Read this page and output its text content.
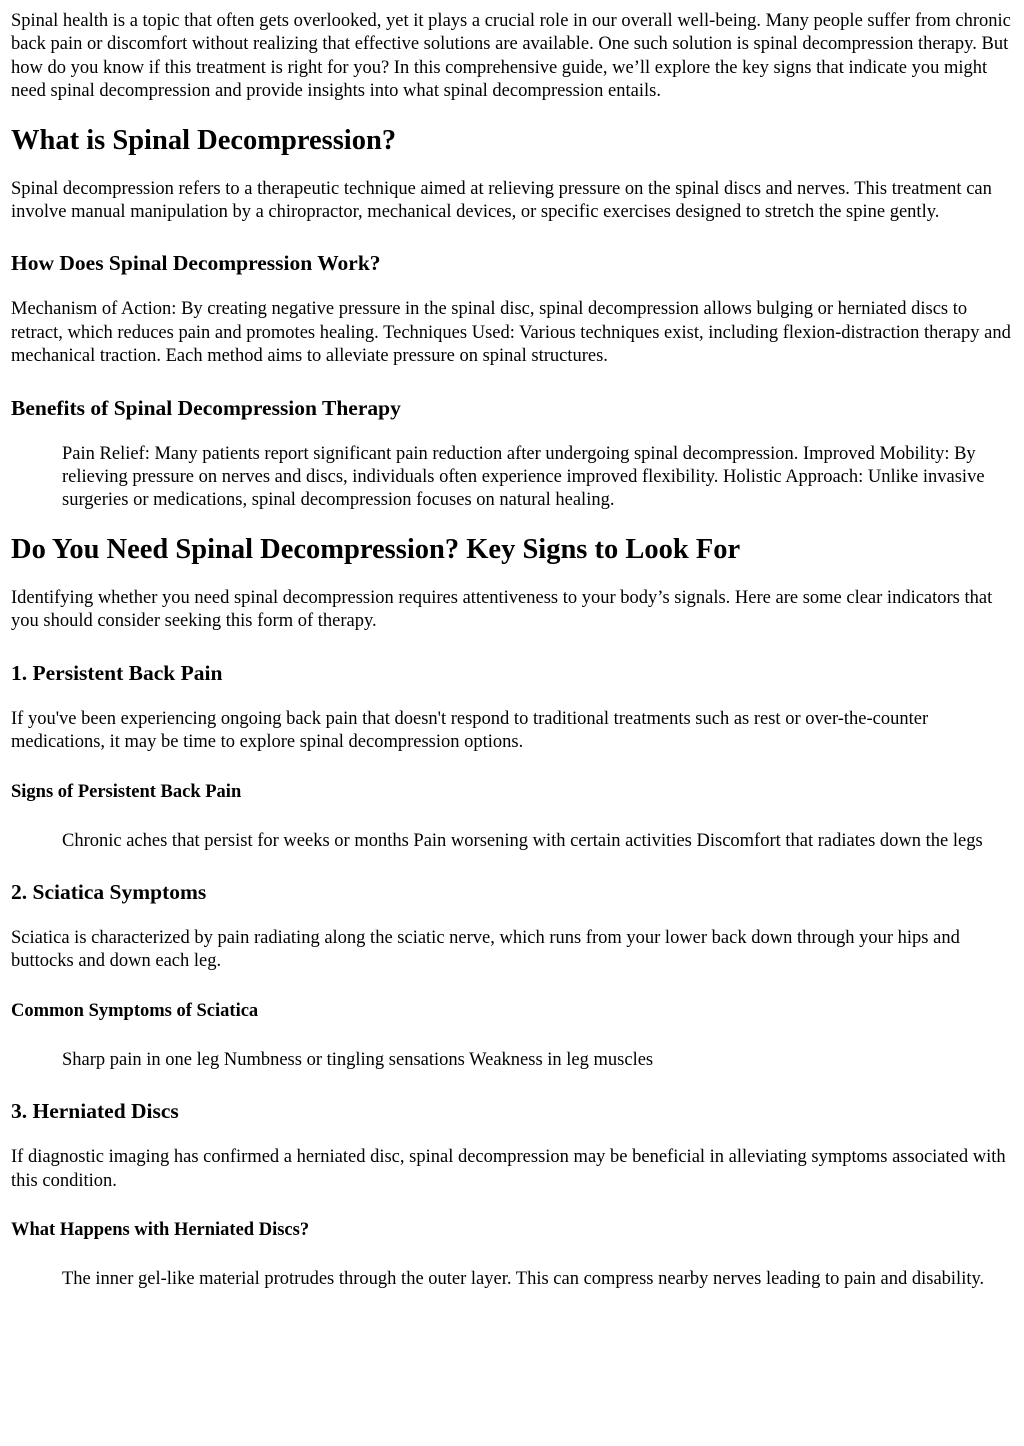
Spinal health is a topic that often gets overlooked, yet it plays a crucial role in our overall well-being. Many people suffer from chronic back pain or discomfort without realizing that effective solutions are available. One such solution is spinal decompression therapy. But how do you know if this treatment is right for you? In this comprehensive guide, we’ll explore the key signs that indicate you might need spinal decompression and provide insights into what spinal decompression entails.

What is Spinal Decompression?

Spinal decompression refers to a therapeutic technique aimed at relieving pressure on the spinal discs and nerves. This treatment can involve manual manipulation by a chiropractor, mechanical devices, or specific exercises designed to stretch the spine gently.

How Does Spinal Decompression Work?

Mechanism of Action: By creating negative pressure in the spinal disc, spinal decompression allows bulging or herniated discs to retract, which reduces pain and promotes healing. Techniques Used: Various techniques exist, including flexion-distraction therapy and mechanical traction. Each method aims to alleviate pressure on spinal structures.

Benefits of Spinal Decompression Therapy
Pain Relief: Many patients report significant pain reduction after undergoing spinal decompression. Improved Mobility: By relieving pressure on nerves and discs, individuals often experience improved flexibility. Holistic Approach: Unlike invasive surgeries or medications, spinal decompression focuses on natural healing.
Do You Need Spinal Decompression? Key Signs to Look For

Identifying whether you need spinal decompression requires attentiveness to your body’s signals. Here are some clear indicators that you should consider seeking this form of therapy.

1. Persistent Back Pain

If you've been experiencing ongoing back pain that doesn't respond to traditional treatments such as rest or over-the-counter medications, it may be time to explore spinal decompression options.

Signs of Persistent Back Pain
Chronic aches that persist for weeks or months Pain worsening with certain activities Discomfort that radiates down the legs
2. Sciatica Symptoms

Sciatica is characterized by pain radiating along the sciatic nerve, which runs from your lower back down through your hips and buttocks and down each leg.

Common Symptoms of Sciatica
Sharp pain in one leg Numbness or tingling sensations Weakness in leg muscles
3. Herniated Discs

If diagnostic imaging has confirmed a herniated disc, spinal decompression may be beneficial in alleviating symptoms associated with this condition.

What Happens with Herniated Discs?
The inner gel-like material protrudes through the outer layer. This can compress nearby nerves leading to pain and disability.
